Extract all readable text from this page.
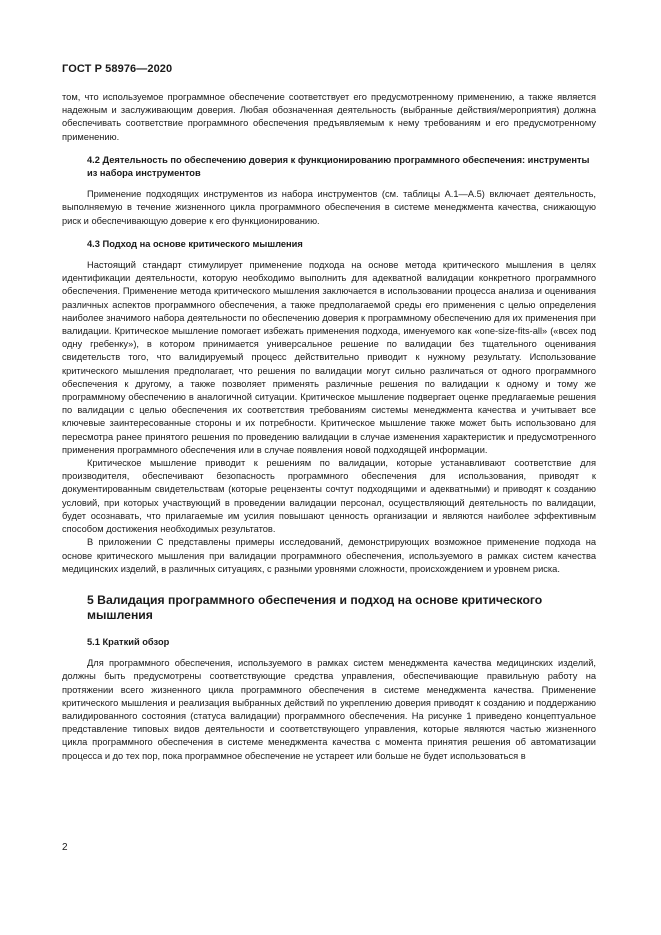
ГОСТ Р 58976—2020

том, что используемое программное обеспечение соответствует его предусмотренному применению, а также является надежным и заслуживающим доверия. Любая обозначенная деятельность (выбранные действия/мероприятия) должна обеспечивать соответствие программного обеспечения предъявляемым к нему требованиям и его предусмотренному применению.

4.2 Деятельность по обеспечению доверия к функционированию программного обеспечения: инструменты из набора инструментов

Применение подходящих инструментов из набора инструментов (см. таблицы А.1—А.5) включает деятельность, выполняемую в течение жизненного цикла программного обеспечения в системе менеджмента качества, снижающую риск и обеспечивающую доверие к его функционированию.

4.3 Подход на основе критического мышления

Настоящий стандарт стимулирует применение подхода на основе метода критического мышления в целях идентификации деятельности, которую необходимо выполнить для адекватной валидации конкретного программного обеспечения. Применение метода критического мышления заключается в использовании процесса анализа и оценивания различных аспектов программного обеспечения, а также предполагаемой среды его применения с целью определения наиболее значимого набора деятельности по обеспечению доверия к программному обеспечению для их применения при валидации. Критическое мышление помогает избежать применения подхода, именуемого как «one-size-fits-all» («всех под одну гребенку»), в котором принимается универсальное решение по валидации без тщательного оценивания свидетельств того, что валидируемый процесс действительно приводит к нужному результату. Использование критического мышления предполагает, что решения по валидации могут сильно различаться от одного программного обеспечения к другому, а также позволяет применять различные решения по валидации к одному и тому же программному обеспечению в аналогичной ситуации. Критическое мышление подвергает оценке предлагаемые решения по валидации с целью обеспечения их соответствия требованиям системы менеджмента качества и учитывает все ключевые заинтересованные стороны и их потребности. Критическое мышление также может быть использовано для пересмотра ранее принятого решения по проведению валидации в случае изменения характеристик и предусмотренного применения программного обеспечения или в случае появления новой подходящей информации.

Критическое мышление приводит к решениям по валидации, которые устанавливают соответствие для производителя, обеспечивают безопасность программного обеспечения для использования, приводят к документированным свидетельствам (которые рецензенты сочтут подходящими и адекватными) и приводят к созданию условий, при которых участвующий в проведении валидации персонал, осуществляющий деятельность по валидации, будет осознавать, что прилагаемые им усилия повышают ценность организации и являются наиболее эффективным способом достижения необходимых результатов.

В приложении С представлены примеры исследований, демонстрирующих возможное применение подхода на основе критического мышления при валидации программного обеспечения, используемого в рамках систем качества медицинских изделий, в различных ситуациях, с разными уровнями сложности, происхождением и уровнем риска.

5 Валидация программного обеспечения и подход на основе критического мышления
5.1 Краткий обзор

Для программного обеспечения, используемого в рамках систем менеджмента качества медицинских изделий, должны быть предусмотрены соответствующие средства управления, обеспечивающие правильную работу на протяжении всего жизненного цикла программного обеспечения в системе менеджмента качества. Применение критического мышления и реализация выбранных действий по укреплению доверия приводят к созданию и поддержанию валидированного состояния (статуса валидации) программного обеспечения. На рисунке 1 приведено концептуальное представление типовых видов деятельности и соответствующего управления, которые являются частью жизненного цикла программного обеспечения в системе менеджмента качества с момента принятия решения об автоматизации процесса и до тех пор, пока программное обеспечение не устареет или больше не будет использоваться в

2
